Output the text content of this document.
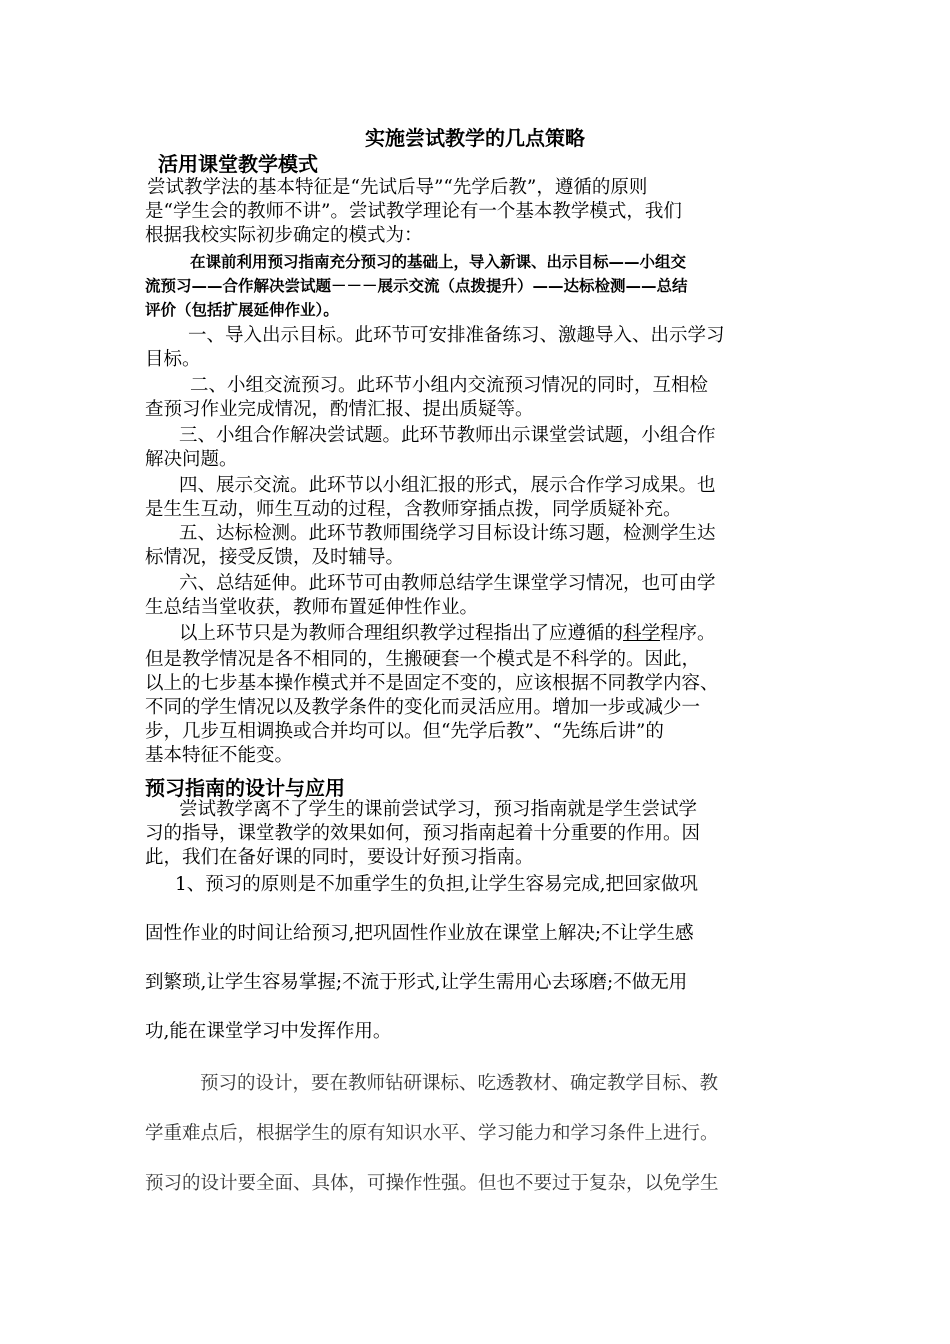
实施尝试教学的几点策略
活用课堂教学模式
尝试教学法的基本特征是“先试后导”“先学后教”，遵循的原则
是“学生会的教师不讲”。尝试教学理论有一个基本教学模式，我们
根据我校实际初步确定的模式为：
在课前利用预习指南充分预习的基础上，导入新课、出示目标——小组交
流预习——合作解决尝试题－－－展示交流（点拨提升）——达标检测——总结
评价（包括扩展延伸作业）。
一、导入出示目标。此环节可安排准备练习、激趣导入、出示学习
目标。
二、小组交流预习。此环节小组内交流预习情况的同时，互相检
查预习作业完成情况，酌情汇报、提出质疑等。
三、小组合作解决尝试题。此环节教师出示课堂尝试题，小组合作
解决问题。
四、展示交流。此环节以小组汇报的形式，展示合作学习成果。也
是生生互动，师生互动的过程，含教师穿插点拨，同学质疑补充。
五、达标检测。此环节教师围绕学习目标设计练习题，检测学生达
标情况，接受反馈，及时辅导。
六、总结延伸。此环节可由教师总结学生课堂学习情况，也可由学
生总结当堂收获，教师布置延伸性作业。
以上环节只是为教师合理组织教学过程指出了应遵循的科学程序。
但是教学情况是各不相同的，生搬硬套一个模式是不科学的。因此，
以上的七步基本操作模式并不是固定不变的，应该根据不同教学内容、
不同的学生情况以及教学条件的变化而灵活应用。增加一步或减少一
步，几步互相调换或合并均可以。但“先学后教”、“先练后讲”的
基本特征不能变。
预习指南的设计与应用
尝试教学离不了学生的课前尝试学习，预习指南就是学生尝试学
习的指导，课堂教学的效果如何，预习指南起着十分重要的作用。因
此，我们在备好课的同时，要设计好预习指南。
1、预习的原则是不加重学生的负担,让学生容易完成,把回家做巩
固性作业的时间让给预习,把巩固性作业放在课堂上解决;不让学生感
到繁琐,让学生容易掌握;不流于形式,让学生需用心去琢磨;不做无用
功,能在课堂学习中发挥作用。
预习的设计，要在教师钻研课标、吃透教材、确定教学目标、教
学重难点后，根据学生的原有知识水平、学习能力和学习条件上进行。
预习的设计要全面、具体，可操作性强。但也不要过于复杂，以免学生
